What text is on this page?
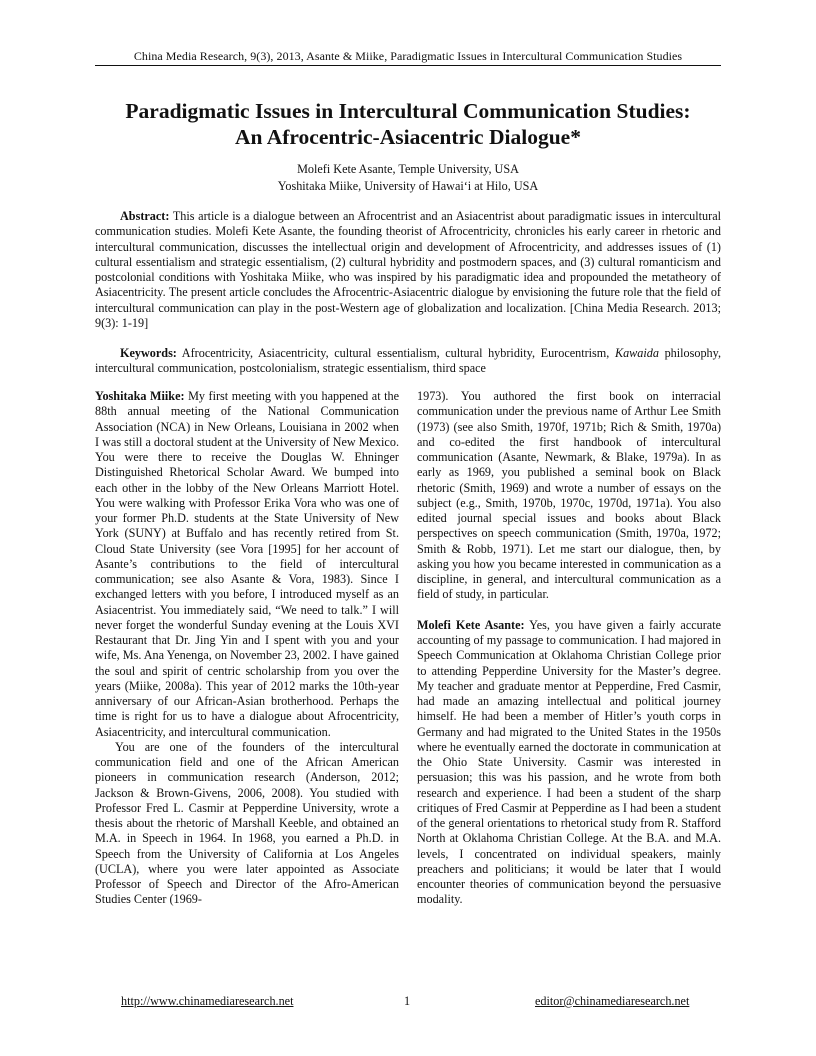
China Media Research, 9(3), 2013, Asante & Miike, Paradigmatic Issues in Intercultural Communication Studies
Paradigmatic Issues in Intercultural Communication Studies:
An Afrocentric-Asiacentric Dialogue*
Molefi Kete Asante, Temple University, USA
Yoshitaka Miike, University of Hawai‘i at Hilo, USA

Abstract: This article is a dialogue between an Afrocentrist and an Asiacentrist about paradigmatic issues in intercultural communication studies. Molefi Kete Asante, the founding theorist of Afrocentricity, chronicles his early career in rhetoric and intercultural communication, discusses the intellectual origin and development of Afrocentricity, and addresses issues of (1) cultural essentialism and strategic essentialism, (2) cultural hybridity and postmodern spaces, and (3) cultural romanticism and postcolonial conditions with Yoshitaka Miike, who was inspired by his paradigmatic idea and propounded the metatheory of Asiacentricity. The present article concludes the Afrocentric-Asiacentric dialogue by envisioning the future role that the field of intercultural communication can play in the post-Western age of globalization and localization. [China Media Research. 2013; 9(3): 1-19]

Keywords: Afrocentricity, Asiacentricity, cultural essentialism, cultural hybridity, Eurocentrism, Kawaida philosophy, intercultural communication, postcolonialism, strategic essentialism, third space

Yoshitaka Miike: My first meeting with you happened at the 88th annual meeting of the National Communication Association (NCA) in New Orleans, Louisiana in 2002 when I was still a doctoral student at the University of New Mexico. You were there to receive the Douglas W. Ehninger Distinguished Rhetorical Scholar Award. We bumped into each other in the lobby of the New Orleans Marriott Hotel. You were walking with Professor Erika Vora who was one of your former Ph.D. students at the State University of New York (SUNY) at Buffalo and has recently retired from St. Cloud State University (see Vora [1995] for her account of Asante’s contributions to the field of intercultural communication; see also Asante & Vora, 1983). Since I exchanged letters with you before, I introduced myself as an Asiacentrist. You immediately said, “We need to talk.” I will never forget the wonderful Sunday evening at the Louis XVI Restaurant that Dr. Jing Yin and I spent with you and your wife, Ms. Ana Yenenga, on November 23, 2002. I have gained the soul and spirit of centric scholarship from you over the years (Miike, 2008a). This year of 2012 marks the 10th-year anniversary of our African-Asian brotherhood. Perhaps the time is right for us to have a dialogue about Afrocentricity, Asiacentricity, and intercultural communication.

You are one of the founders of the intercultural communication field and one of the African American pioneers in communication research (Anderson, 2012; Jackson & Brown-Givens, 2006, 2008). You studied with Professor Fred L. Casmir at Pepperdine University, wrote a thesis about the rhetoric of Marshall Keeble, and obtained an M.A. in Speech in 1964. In 1968, you earned a Ph.D. in Speech from the University of California at Los Angeles (UCLA), where you were later appointed as Associate Professor of Speech and Director of the Afro-American Studies Center (1969-

1973). You authored the first book on interracial communication under the previous name of Arthur Lee Smith (1973) (see also Smith, 1970f, 1971b; Rich & Smith, 1970a) and co-edited the first handbook of intercultural communication (Asante, Newmark, & Blake, 1979a). In as early as 1969, you published a seminal book on Black rhetoric (Smith, 1969) and wrote a number of essays on the subject (e.g., Smith, 1970b, 1970c, 1970d, 1971a). You also edited journal special issues and books about Black perspectives on speech communication (Smith, 1970a, 1972; Smith & Robb, 1971). Let me start our dialogue, then, by asking you how you became interested in communication as a discipline, in general, and intercultural communication as a field of study, in particular.

Molefi Kete Asante: Yes, you have given a fairly accurate accounting of my passage to communication. I had majored in Speech Communication at Oklahoma Christian College prior to attending Pepperdine University for the Master’s degree. My teacher and graduate mentor at Pepperdine, Fred Casmir, had made an amazing intellectual and political journey himself. He had been a member of Hitler’s youth corps in Germany and had migrated to the United States in the 1950s where he eventually earned the doctorate in communication at the Ohio State University. Casmir was interested in persuasion; this was his passion, and he wrote from both research and experience. I had been a student of the sharp critiques of Fred Casmir at Pepperdine as I had been a student of the general orientations to rhetorical study from R. Stafford North at Oklahoma Christian College. At the B.A. and M.A. levels, I concentrated on individual speakers, mainly preachers and politicians; it would be later that I would encounter theories of communication beyond the persuasive modality.

http://www.chinamediaresearch.net	1	editor@chinamediaresearch.net
